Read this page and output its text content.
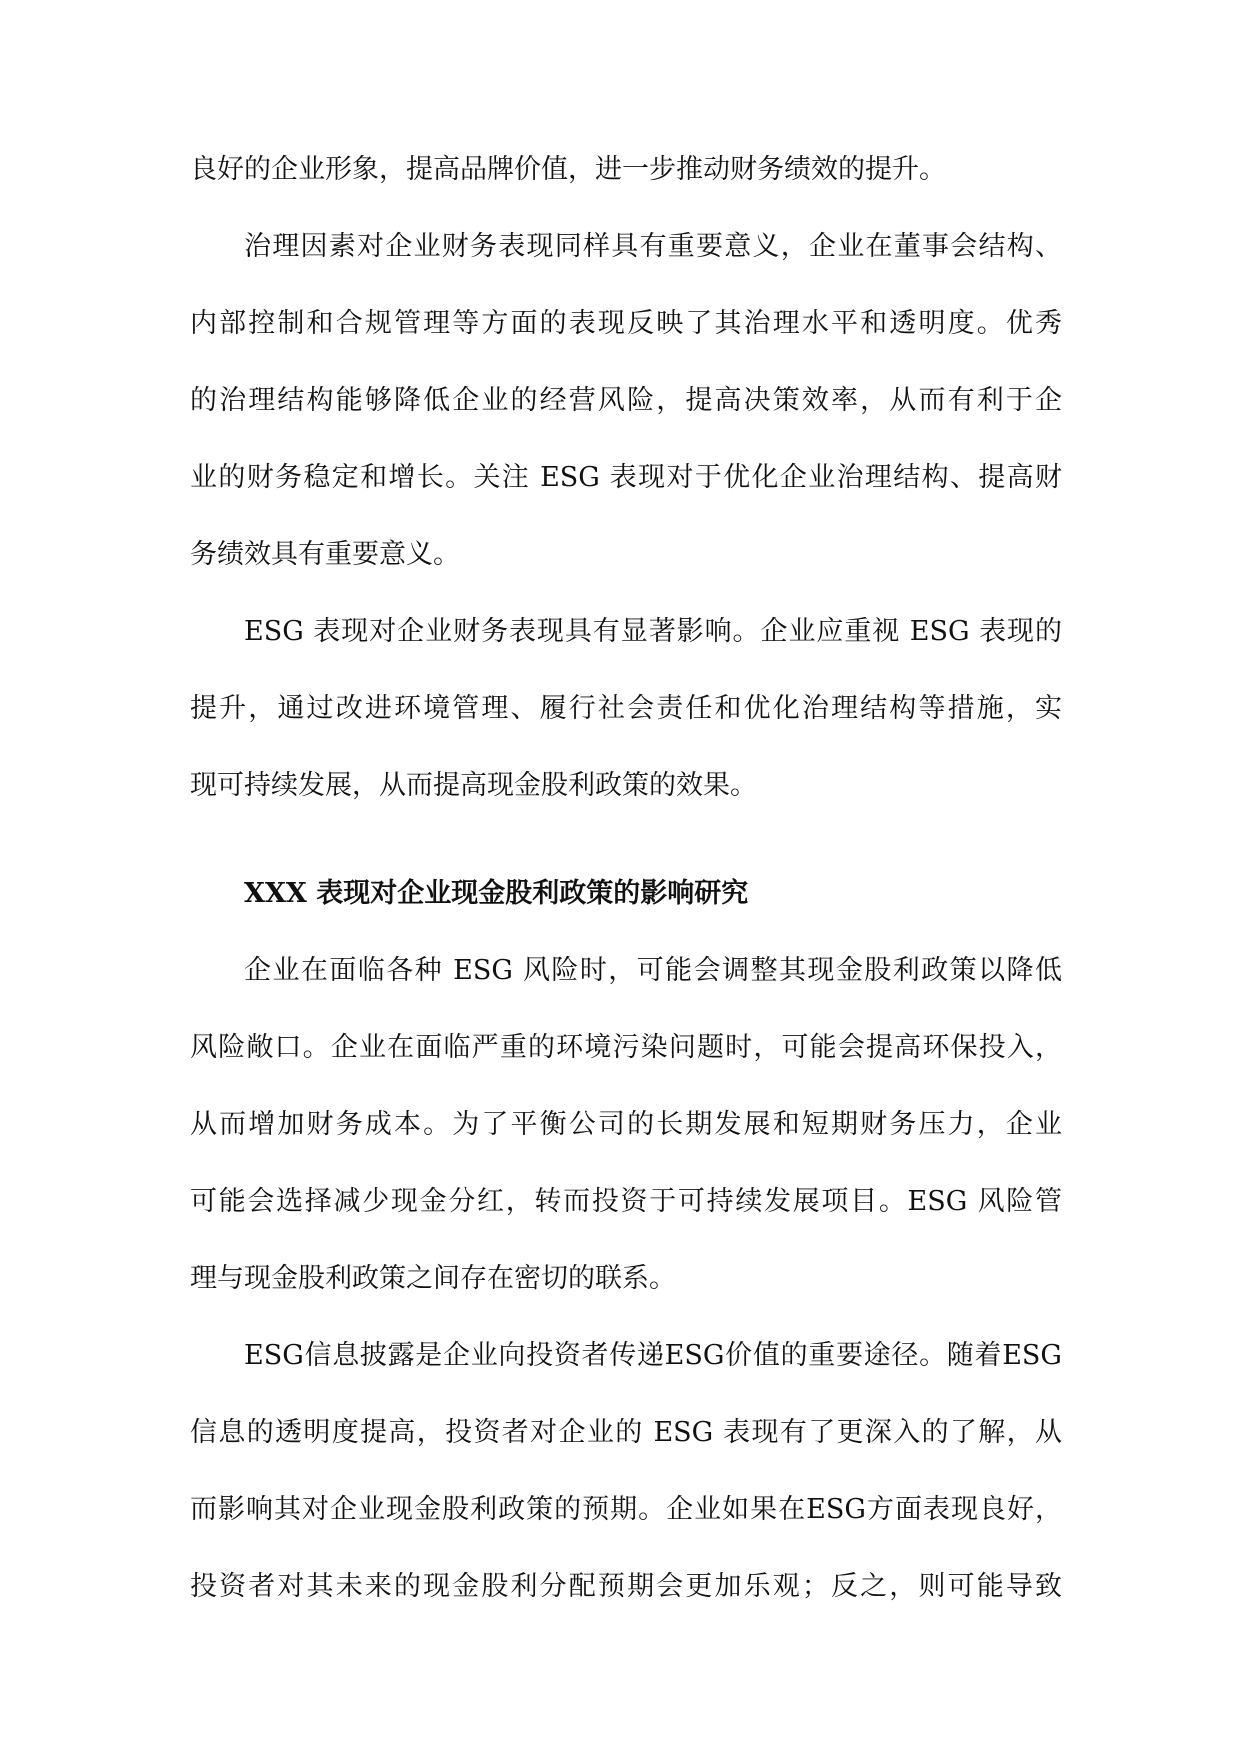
良好的企业形象，提高品牌价值，进一步推动财务绩效的提升。
治理因素对企业财务表现同样具有重要意义，企业在董事会结构、
内部控制和合规管理等方面的表现反映了其治理水平和透明度。优秀
的治理结构能够降低企业的经营风险，提高决策效率，从而有利于企
业的财务稳定和增长。关注 ESG 表现对于优化企业治理结构、提高财
务绩效具有重要意义。
ESG 表现对企业财务表现具有显著影响。企业应重视 ESG 表现的
提升，通过改进环境管理、履行社会责任和优化治理结构等措施，实
现可持续发展，从而提高现金股利政策的效果。
XXX 表现对企业现金股利政策的影响研究
企业在面临各种 ESG 风险时，可能会调整其现金股利政策以降低
风险敞口。企业在面临严重的环境污染问题时，可能会提高环保投入，
从而增加财务成本。为了平衡公司的长期发展和短期财务压力，企业
可能会选择减少现金分红，转而投资于可持续发展项目。ESG 风险管
理与现金股利政策之间存在密切的联系。
ESG信息披露是企业向投资者传递ESG价值的重要途径。随着ESG
信息的透明度提高，投资者对企业的 ESG 表现有了更深入的了解，从
而影响其对企业现金股利政策的预期。企业如果在ESG方面表现良好，
投资者对其未来的现金股利分配预期会更加乐观；反之，则可能导致
